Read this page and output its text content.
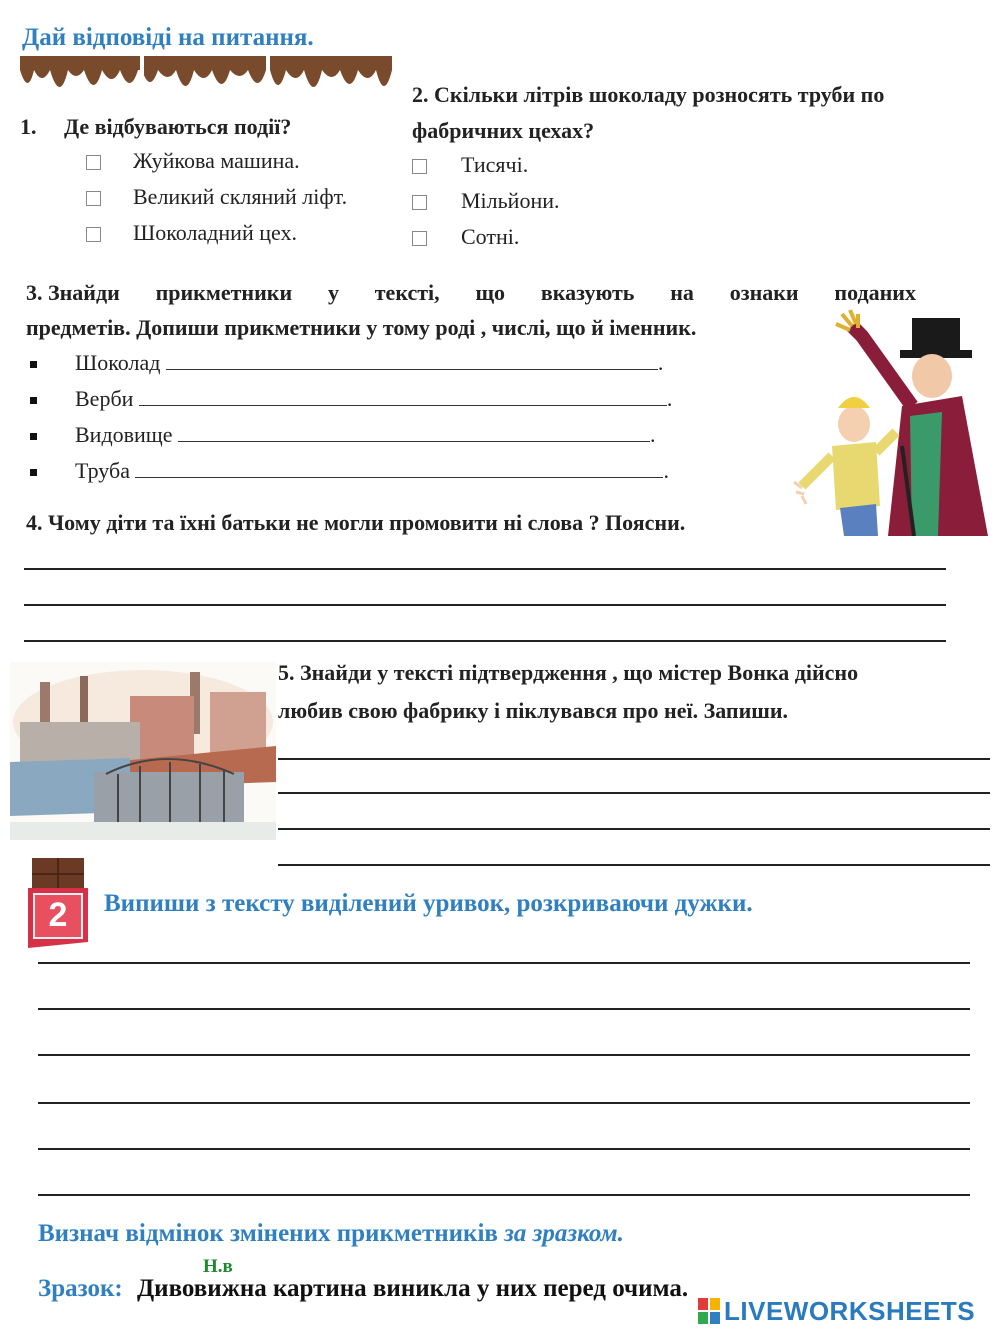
Дай відповіді на питання.
1. Де відбуваються події?
Жуйкова машина.
Великий скляний ліфт.
Шоколадний цех.
2. Скільки літрів шоколаду розносять труби по
фабричних цехах?
Тисячі.
Мільйони.
Сотні.
3. Знайди прикметники у тексті, що вказують на ознаки поданих
предметів. Допиши прикметники у тому роді , числі, що й іменник.
Шоколад	.
Верби	.
Видовище	.
Труба	.
4. Чому діти та їхні батьки не могли промовити ні слова ? Поясни.
5. Знайди у тексті підтвердження , що містер Вонка дійсно
любив свою фабрику і піклувався про неї. Запиши.
2	Випиши з тексту виділений уривок, розкриваючи дужки.
Визнач відмінок змінених прикметників за зразком.
Н.в
Зразок: Дивовижна картина виникла у них перед очима.
LIVEWORKSHEETS
